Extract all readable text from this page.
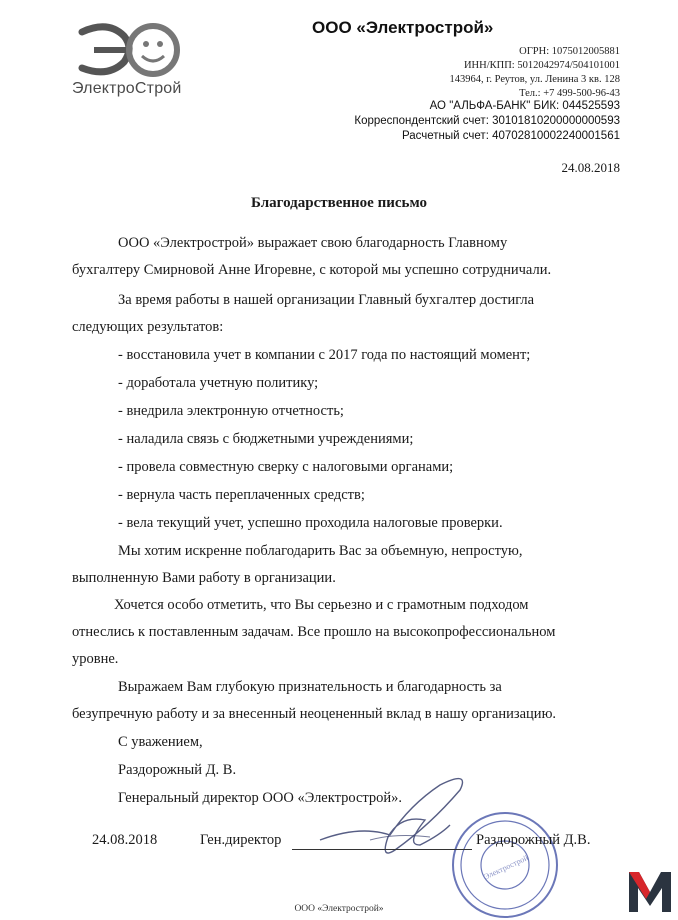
ЭлектроСтрой
ООО «Электрострой»
ОГРН: 1075012005881
ИНН/КПП: 5012042974/504101001
143964, г. Реутов, ул. Ленина 3 кв. 128
Тел.: +7 499-500-96-43
АО "АЛЬФА-БАНК" БИК: 044525593
Корреспондентский счет: 30101810200000000593
Расчетный счет: 40702810002240001561
24.08.2018
Благодарственное письмо
ООО «Электрострой» выражает свою благодарность Главному
бухгалтеру Смирновой Анне Игоревне, с которой мы успешно сотрудничали.
За время работы в нашей организации Главный бухгалтер достигла
следующих результатов:
- восстановила учет в компании с 2017 года по настоящий момент;
- доработала учетную политику;
- внедрила электронную отчетность;
- наладила связь с бюджетными учреждениями;
- провела совместную сверку с налоговыми органами;
- вернула часть переплаченных средств;
- вела текущий учет, успешно проходила налоговые проверки.
Мы хотим искренне поблагодарить Вас за объемную, непростую,
выполненную Вами работу в организации.
Хочется особо отметить, что Вы серьезно и с грамотным подходом
отнеслись к поставленным задачам. Все прошло на высокопрофессиональном
уровне.
Выражаем Вам глубокую признательность и благодарность за
безупречную работу и за внесенный неоцененный вклад в нашу организацию.
С уважением,
Раздорожный Д. В.
Генеральный директор ООО «Электрострой».
Электрострой
24.08.2018	Ген.директор	Раздорожный Д.В.
ООО «Электрострой»
